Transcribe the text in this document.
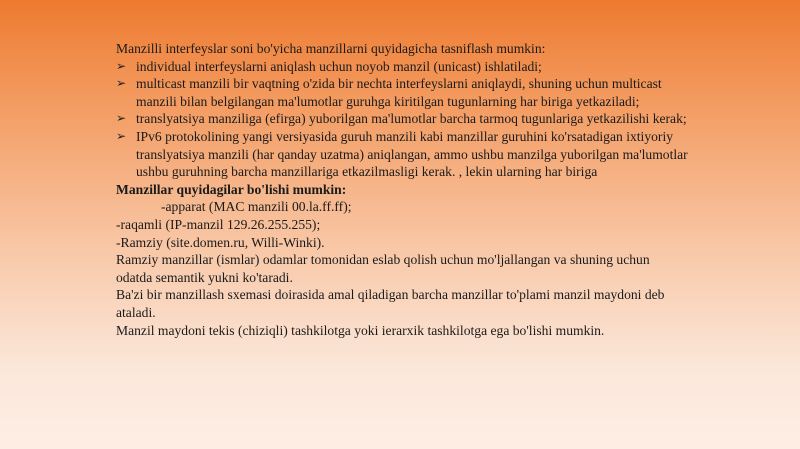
Manzilli interfeyslar soni bo'yicha manzillarni quyidagicha tasniflash mumkin:

➢ individual interfeyslarni aniqlash uchun noyob manzil (unicast) ishlatiladi;
➢ multicast manzili bir vaqtning o'zida bir nechta interfeyslarni aniqlaydi, shuning uchun multicast manzili bilan belgilangan ma'lumotlar guruhga kiritilgan tugunlarning har biriga yetkaziladi;
➢ translyatsiya manziliga (efirga) yuborilgan ma'lumotlar barcha tarmoq tugunlariga yetkazilishi kerak;
➢ IPv6 protokolining yangi versiyasida guruh manzili kabi manzillar guruhini ko'rsatadigan ixtiyoriy translyatsiya manzili (har qanday uzatma) aniqlangan, ammo ushbu manzilga yuborilgan ma'lumotlar ushbu guruhning barcha manzillariga etkazilmasligi kerak. , lekin ularning har biriga

Manzillar quyidagilar bo'lishi mumkin:

-apparat (MAC manzili 00.la.ff.ff);

-raqamli (IP-manzil 129.26.255.255);

-Ramziy (site.domen.ru, Willi-Winki).

Ramziy manzillar (ismlar) odamlar tomonidan eslab qolish uchun mo'ljallangan va shuning uchun odatda semantik yukni ko'taradi.

Ba'zi bir manzillash sxemasi doirasida amal qiladigan barcha manzillar to'plami manzil maydoni deb ataladi.

Manzil maydoni tekis (chiziqli) tashkilotga yoki ierarxik tashkilotga ega bo'lishi mumkin.
